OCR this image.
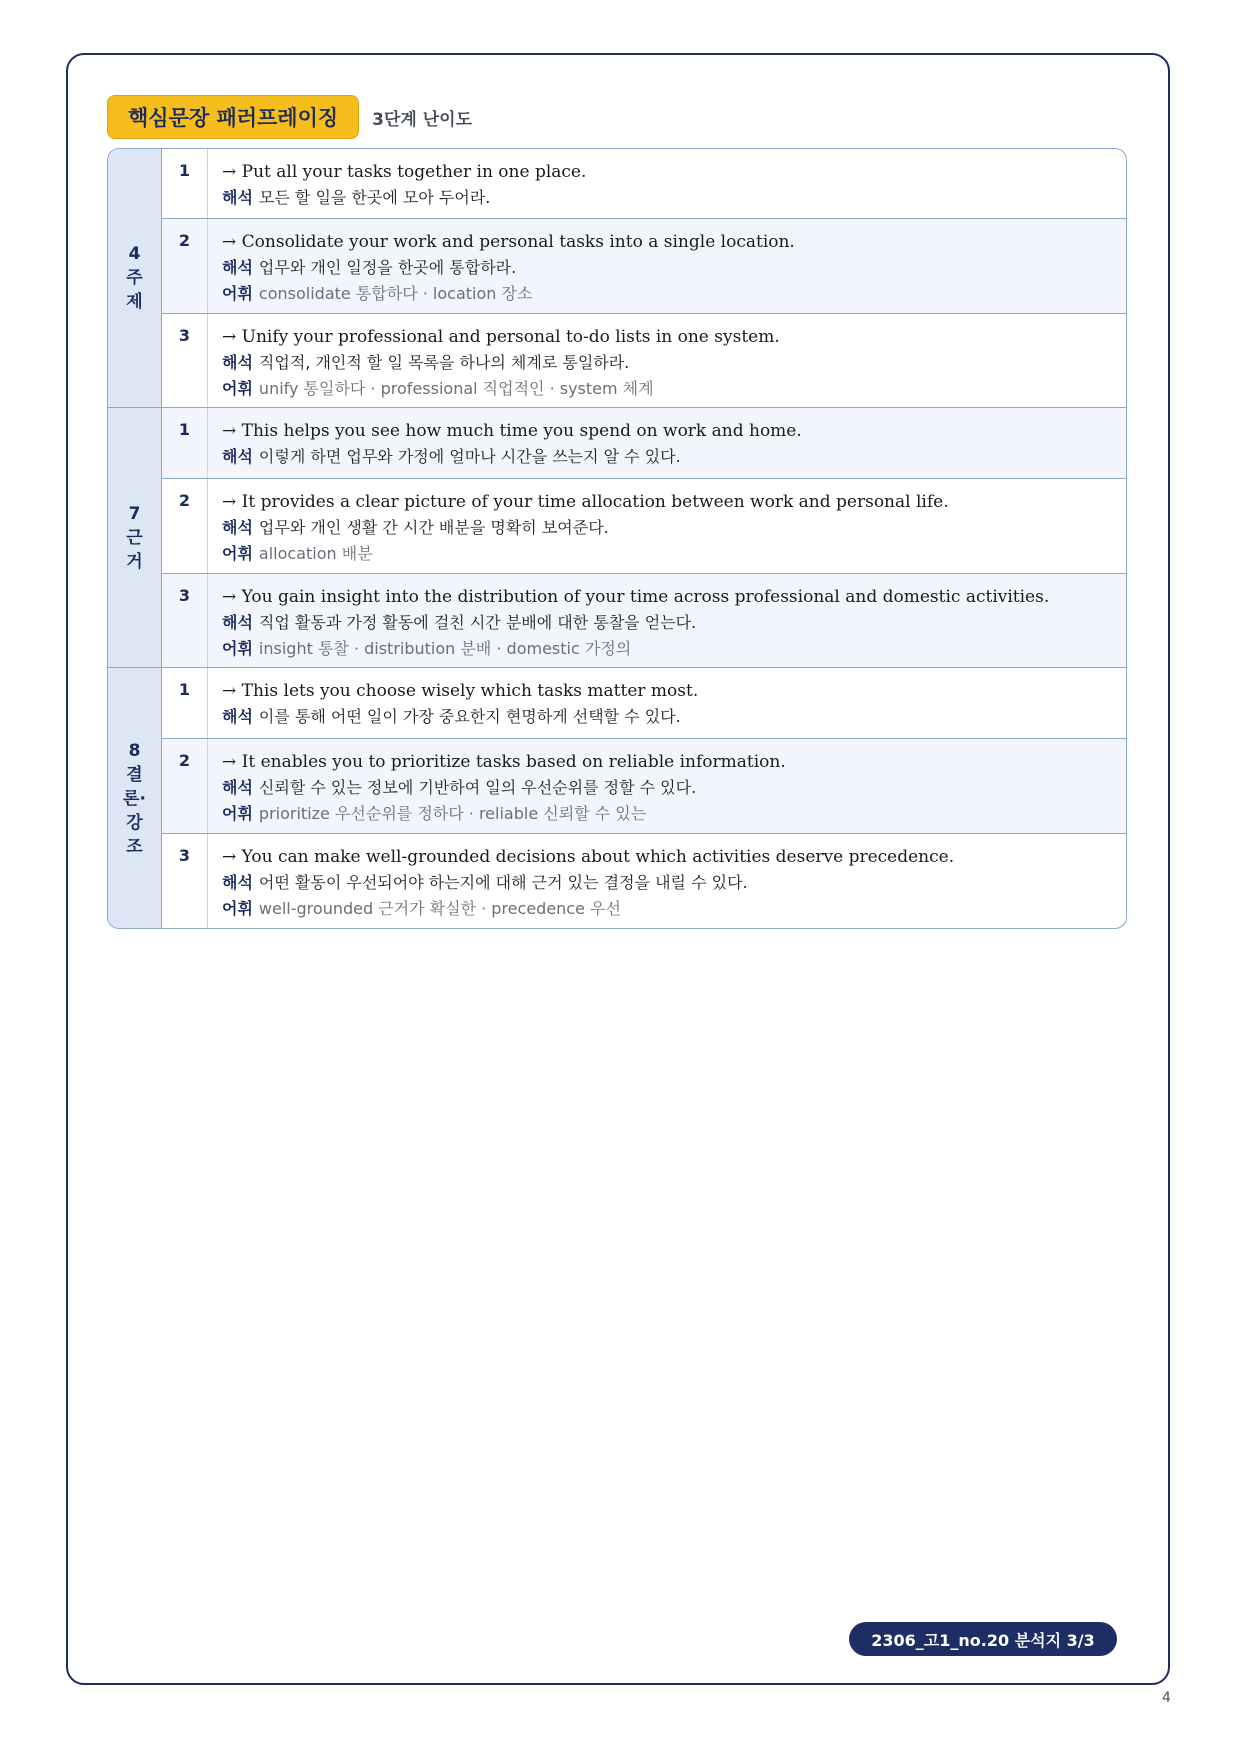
핵심문장 패러프레이징	3단계 난이도
4
주
제
1	→ Put all your tasks together in one place.
해석 모든 할 일을 한곳에 모아 두어라.
2	→ Consolidate your work and personal tasks into a single location.
해석 업무와 개인 일정을 한곳에 통합하라.
어휘 consolidate 통합하다 · location 장소
3	→ Unify your professional and personal to-do lists in one system.
해석 직업적, 개인적 할 일 목록을 하나의 체계로 통일하라.
어휘 unify 통일하다 · professional 직업적인 · system 체계
7
근
거
1	→ This helps you see how much time you spend on work and home.
해석 이렇게 하면 업무와 가정에 얼마나 시간을 쓰는지 알 수 있다.
2	→ It provides a clear picture of your time allocation between work and personal life.
해석 업무와 개인 생활 간 시간 배분을 명확히 보여준다.
어휘 allocation 배분
3	→ You gain insight into the distribution of your time across professional and domestic activities.
해석 직업 활동과 가정 활동에 걸친 시간 분배에 대한 통찰을 얻는다.
어휘 insight 통찰 · distribution 분배 · domestic 가정의
8
결
론·
강
조
1	→ This lets you choose wisely which tasks matter most.
해석 이를 통해 어떤 일이 가장 중요한지 현명하게 선택할 수 있다.
2	→ It enables you to prioritize tasks based on reliable information.
해석 신뢰할 수 있는 정보에 기반하여 일의 우선순위를 정할 수 있다.
어휘 prioritize 우선순위를 정하다 · reliable 신뢰할 수 있는
3	→ You can make well-grounded decisions about which activities deserve precedence.
해석 어떤 활동이 우선되어야 하는지에 대해 근거 있는 결정을 내릴 수 있다.
어휘 well-grounded 근거가 확실한 · precedence 우선
2306_고1_no.20 분석지 3/3
4
